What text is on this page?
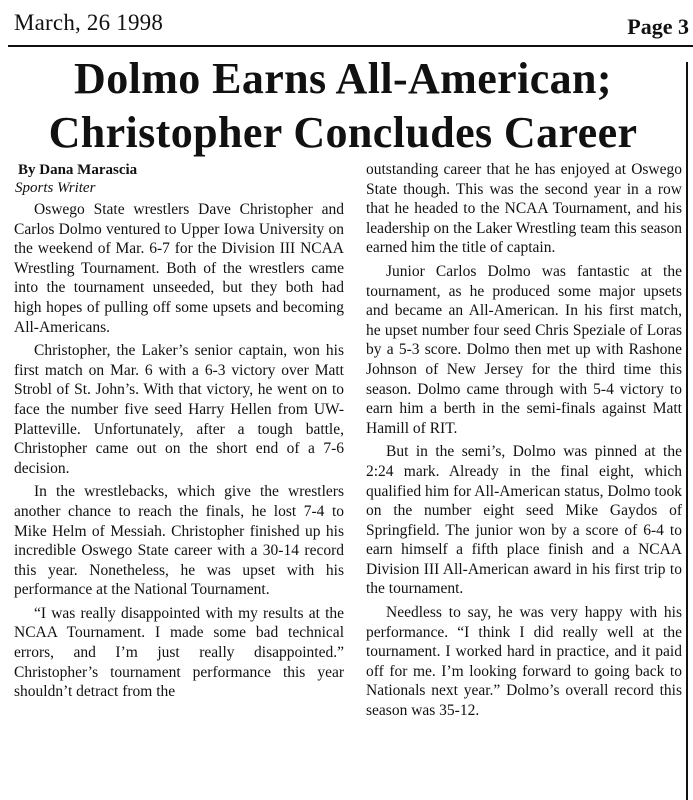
March, 26 1998	Page 3
Dolmo Earns All-American; Christopher Concludes Career
By Dana Marascia
Sports Writer

Oswego State wrestlers Dave Christopher and Carlos Dolmo ventured to Upper Iowa University on the weekend of Mar. 6-7 for the Division III NCAA Wrestling Tournament. Both of the wrestlers came into the tournament unseeded, but they both had high hopes of pulling off some upsets and becoming All-Americans.

Christopher, the Laker’s senior captain, won his first match on Mar. 6 with a 6-3 victory over Matt Strobl of St. John’s. With that victory, he went on to face the number five seed Harry Hellen from UW-Platteville. Unfortunately, after a tough battle, Christopher came out on the short end of a 7-6 decision.

In the wrestlebacks, which give the wrestlers another chance to reach the finals, he lost 7-4 to Mike Helm of Messiah. Christopher finished up his incredible Oswego State career with a 30-14 record this year. Nonetheless, he was upset with his performance at the National Tournament.

“I was really disappointed with my results at the NCAA Tournament. I made some bad technical errors, and I’m just really disappointed.” Christopher’s tournament performance this year shouldn’t detract from the

outstanding career that he has enjoyed at Oswego State though. This was the second year in a row that he headed to the NCAA Tournament, and his leadership on the Laker Wrestling team this season earned him the title of captain.

Junior Carlos Dolmo was fantastic at the tournament, as he produced some major upsets and became an All-American. In his first match, he upset number four seed Chris Speziale of Loras by a 5-3 score. Dolmo then met up with Rashone Johnson of New Jersey for the third time this season. Dolmo came through with 5-4 victory to earn him a berth in the semi-finals against Matt Hamill of RIT.

But in the semi’s, Dolmo was pinned at the 2:24 mark. Already in the final eight, which qualified him for All-American status, Dolmo took on the number eight seed Mike Gaydos of Springfield. The junior won by a score of 6-4 to earn himself a fifth place finish and a NCAA Division III All-American award in his first trip to the tournament.

Needless to say, he was very happy with his performance. “I think I did really well at the tournament. I worked hard in practice, and it paid off for me. I’m looking forward to going back to Nationals next year.” Dolmo’s overall record this season was 35-12.
